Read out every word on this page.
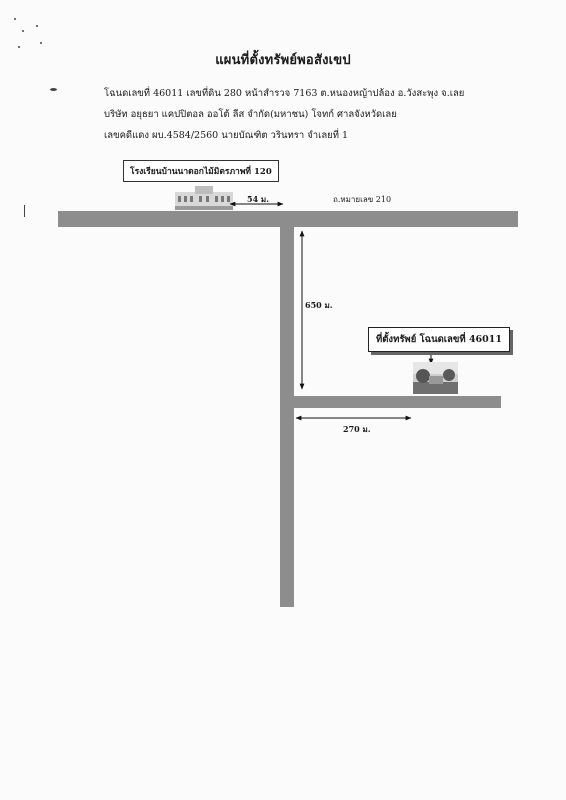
แผนที่ตั้งทรัพย์พอสังเขป
โฉนดเลขที่ 46011 เลขที่ดิน 280 หน้าสำรวจ 7163 ต.หนองหญ้าปล้อง อ.วังสะพุง จ.เลย
บริษัท อยุธยา แคปปิตอล ออโต้ ลีส จำกัด(มหาชน) โจทก์ ศาลจังหวัดเลย
เลขคดีแดง ผบ.4584/2560 นายบัณฑิต วรินทรา จำเลยที่ 1
โรงเรียนบ้านนาดอกไม้มิตรภาพที่ 120
ถ.หมายเลข 210
54 ม.
650 ม.
270 ม.
ที่ตั้งทรัพย์ โฉนดเลขที่ 46011
